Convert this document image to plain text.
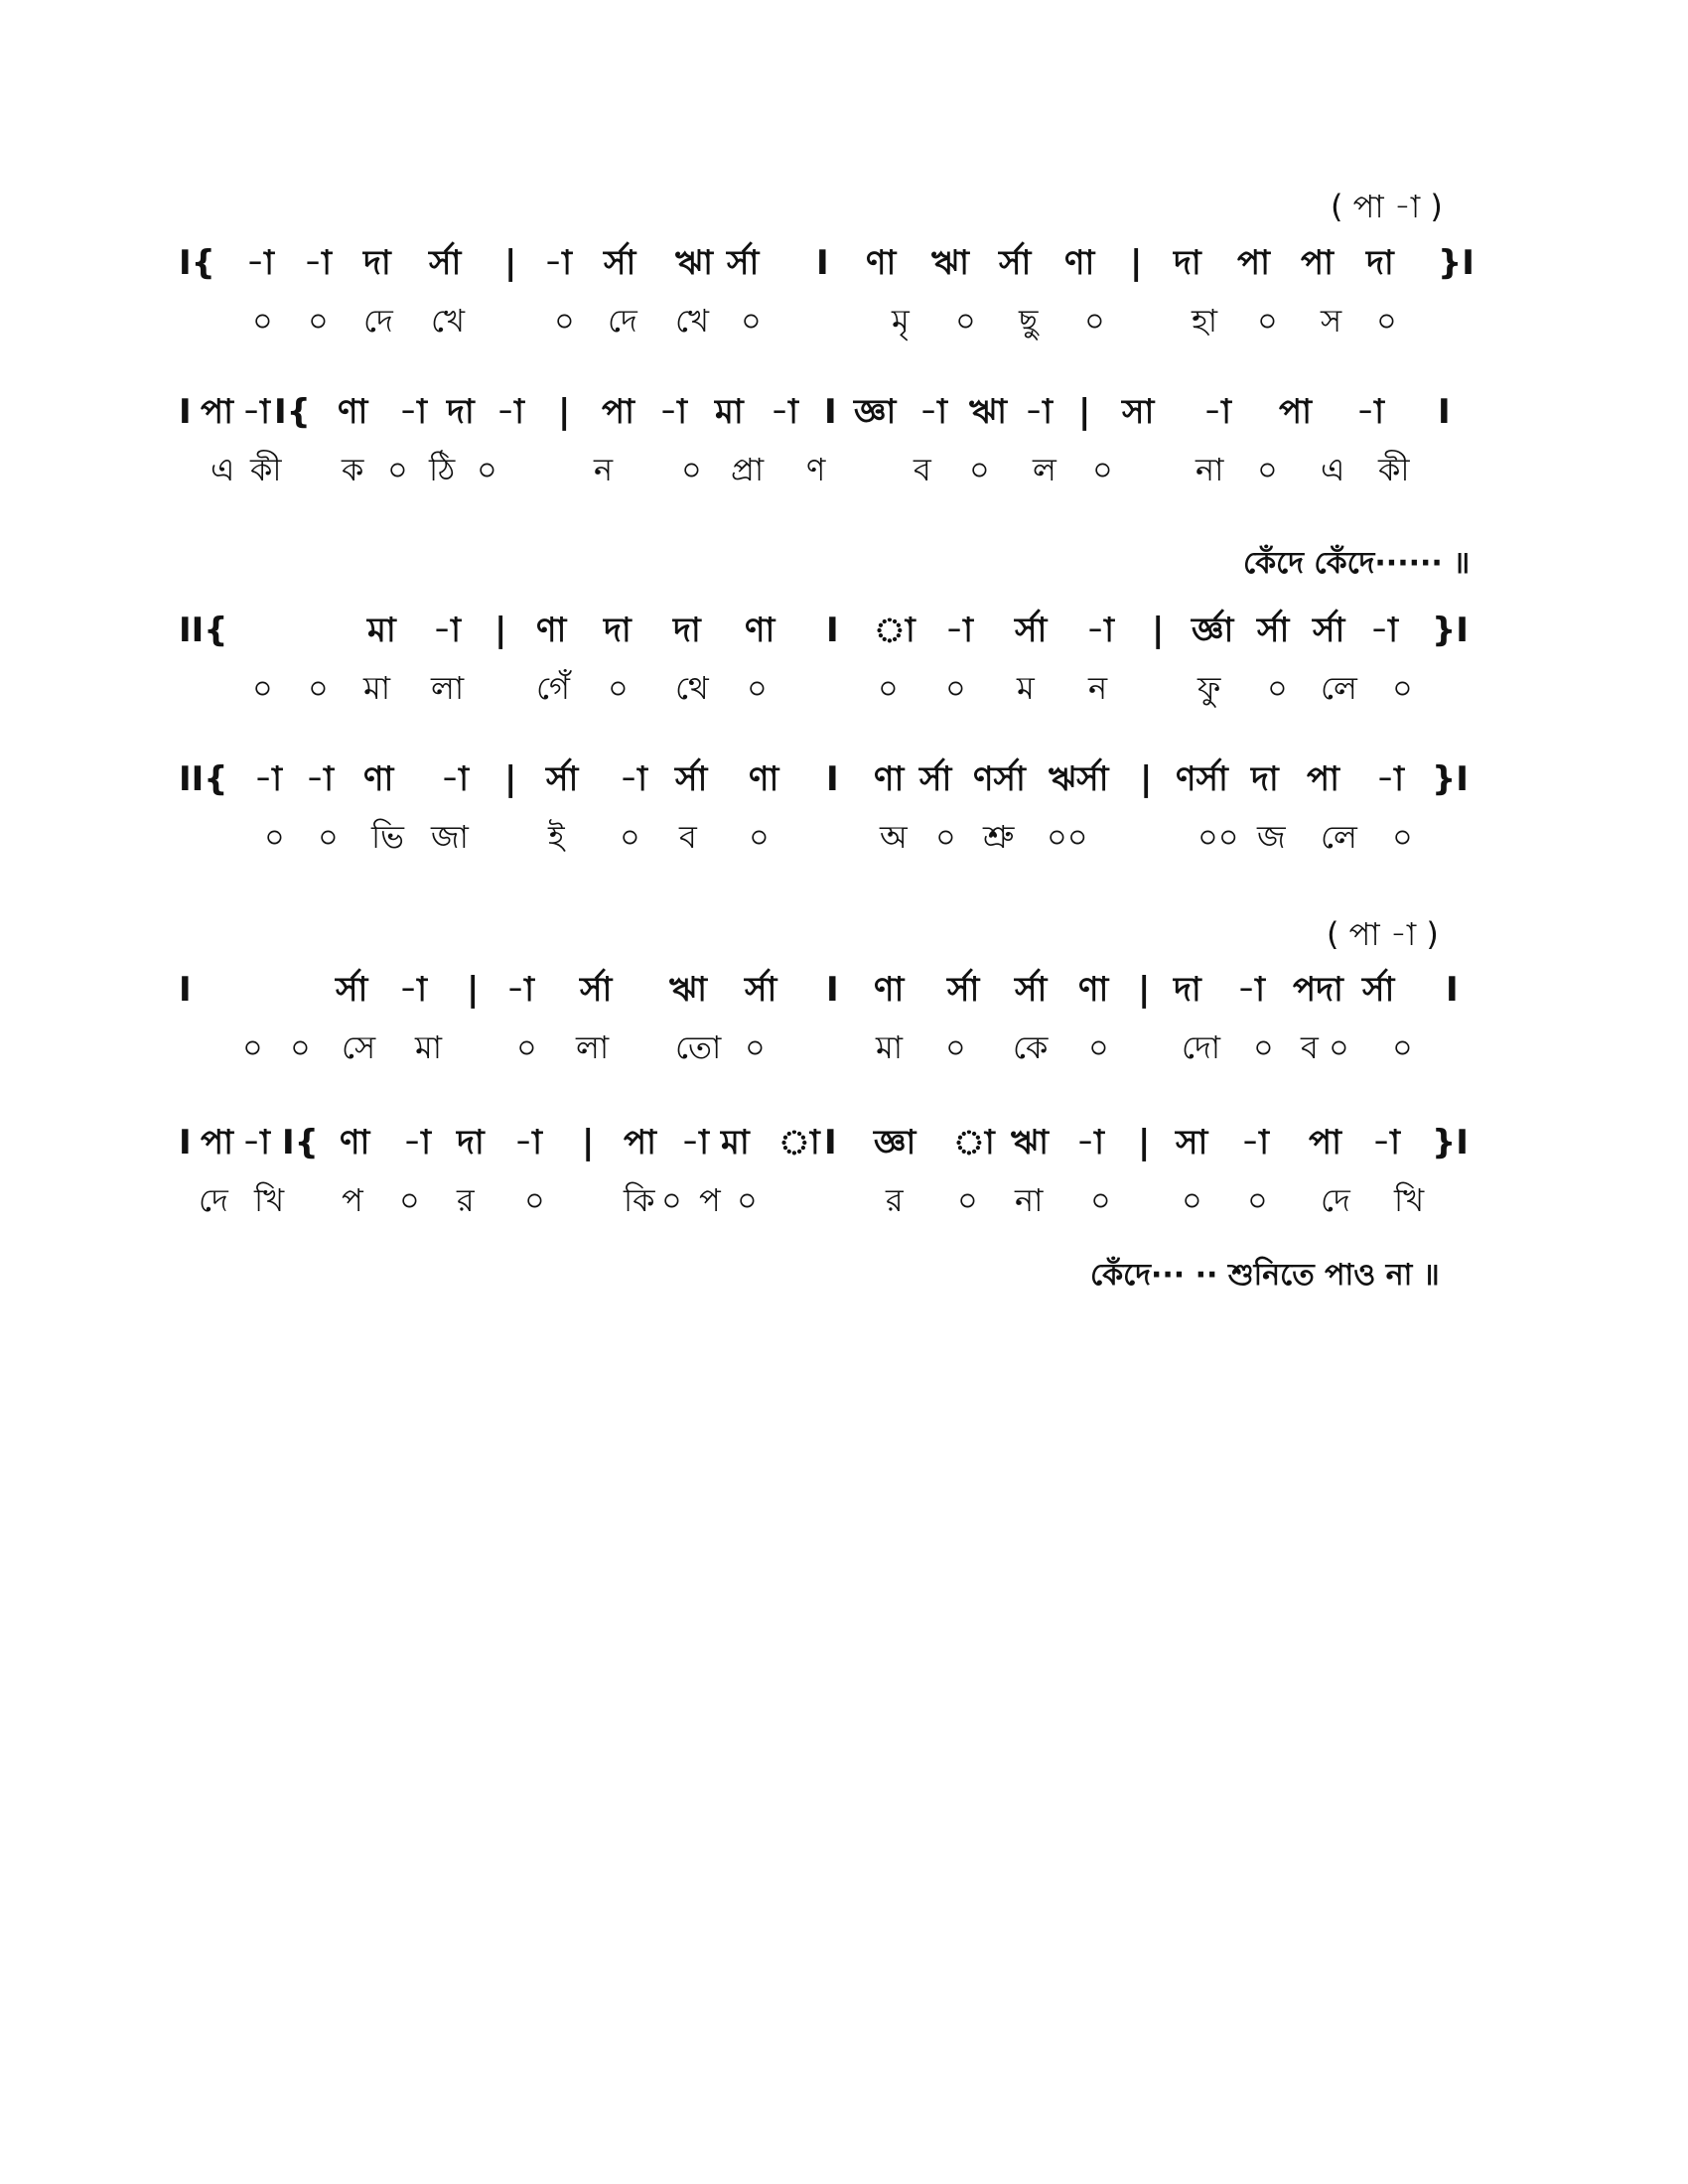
( পা -া )
I{ -া -া দা র্সা | -া র্সা ঋা র্সা I ণা ঋা র্সা ণা | দা পা পা দা }I
০ ০ দে খে	০ দে খে ০	মৃ ০ ছু ০	হা ০ স ০
I পা -া I{ ণা -া দা -া | পা -া মা -া I জ্ঞা -া ঋা -া | সা -া পা -া I
এ কী ক ০ ঠি ০	ন ০ প্রা ণ	ব ০ ল ০	না ০ এ কী
কেঁদে কেঁদে······ ॥
II{	মা -া | ণা দা দা ণা I া -া র্সা -া | র্জ্ঞা র্সা র্সা -া }I
০ ০ মা লা গেঁ ০ থে ০	০ ০ ম ন	ফু ০ লে ০
II{ -া -া ণা -া | র্সা -া র্সা ণা I ণা র্সা ণর্সা ঋর্সা | ণর্সা দা পা -া }I
০ ০ ভি জা	ই ০ ব ০	অ ০ শ্রু ০০	০০ জ লে ০
( পা -া )
I	র্সা -া | -া র্সা ঋা র্সা I ণা র্সা র্সা ণা | দা -া পদা র্সা I
০ ০ সে মা ০ লা তো ০	মা ০ কে ০ দো ০ ব ০ ০
I পা -া I{ ণা -া দা -া | পা -া মা া I জ্ঞা া ঋা -া | সা -া পা -া }I
দে খি প ০ র ০ কি ০ প ০	র ০ না ০ ০ ০ দে খি
কেঁদে··· ·· শুনিতে পাও না ॥
